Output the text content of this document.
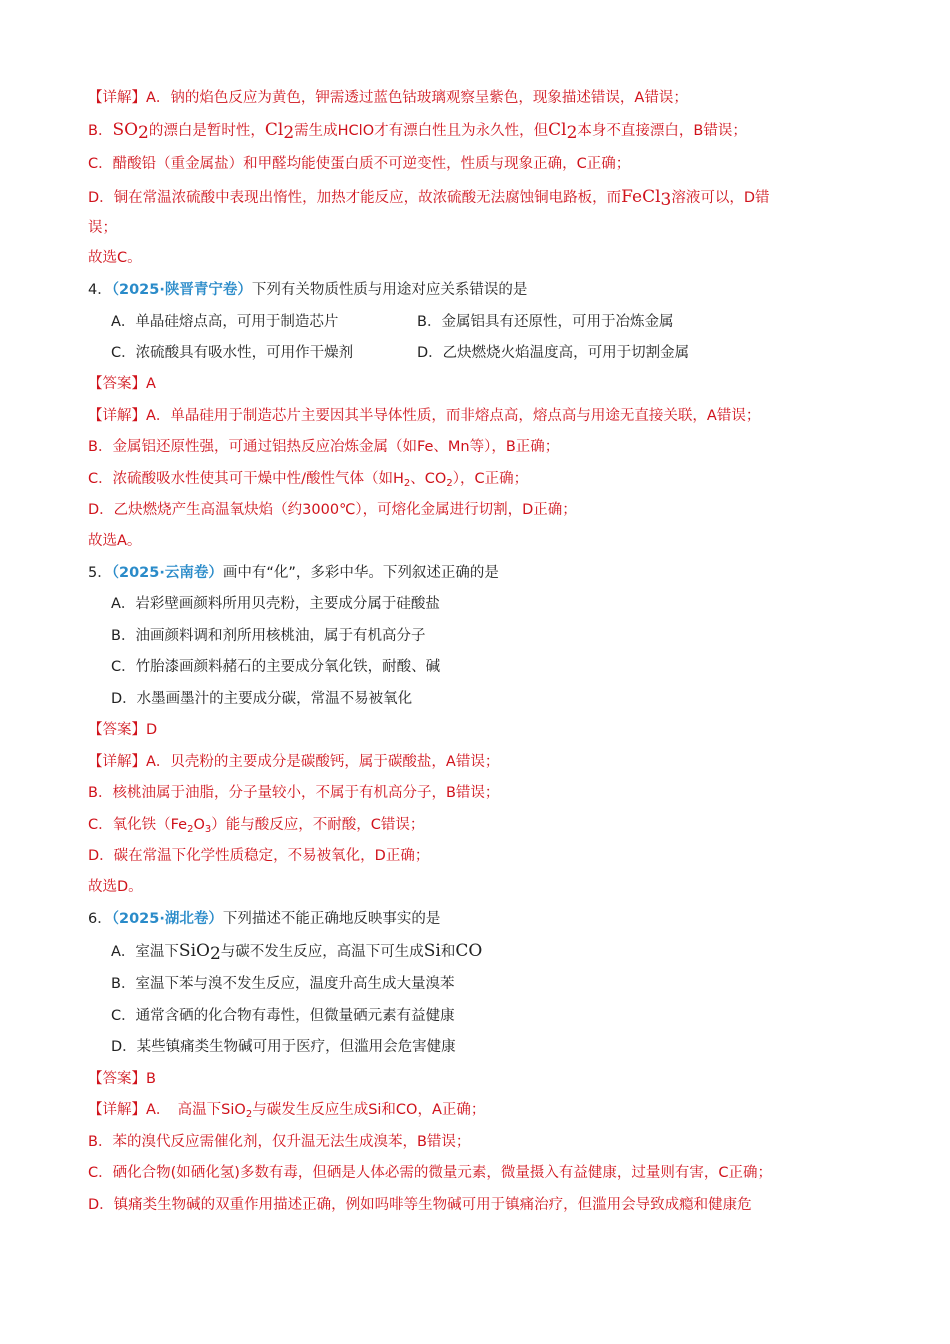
【详解】A．钠的焰色反应为黄色，钾需透过蓝色钴玻璃观察呈紫色，现象描述错误，A错误；
B．$SO_2$的漂白是暂时性，$Cl_2$需生成HClO才有漂白性且为永久性，但$Cl_2$本身不直接漂白，B错误；
C．醋酸铅（重金属盐）和甲醛均能使蛋白质不可逆变性，性质与现象正确，C正确；
D．铜在常温浓硫酸中表现出惰性，加热才能反应，故浓硫酸无法腐蚀铜电路板，而FeCl$_3$溶液可以，D错
误；
故选C。
4．（2025·陕晋青宁卷）下列有关物质性质与用途对应关系错误的是
A．单晶硅熔点高，可用于制造芯片	B．金属铝具有还原性，可用于冶炼金属
C．浓硫酸具有吸水性，可用作干燥剂	D．乙炔燃烧火焰温度高，可用于切割金属
【答案】A
【详解】A．单晶硅用于制造芯片主要因其半导体性质，而非熔点高，熔点高与用途无直接关联，A错误；
B．金属铝还原性强，可通过铝热反应冶炼金属（如Fe、Mn等），B正确；
C．浓硫酸吸水性使其可干燥中性/酸性气体（如$H_2$、$CO_2$），C正确；
D．乙炔燃烧产生高温氧炔焰（约3000℃），可熔化金属进行切割，D正确；
故选A。
5．（2025·云南卷）画中有“化”，多彩中华。下列叙述正确的是
A．岩彩壁画颜料所用贝壳粉，主要成分属于硅酸盐
B．油画颜料调和剂所用核桃油，属于有机高分子
C．竹胎漆画颜料赭石的主要成分氧化铁，耐酸、碱
D．水墨画墨汁的主要成分碳，常温不易被氧化
【答案】D
【详解】A．贝壳粉的主要成分是碳酸钙，属于碳酸盐，A错误；
B．核桃油属于油脂，分子量较小，不属于有机高分子，B错误；
C．氧化铁$(Fe_2O_3)$能与酸反应，不耐酸，C错误；
D．碳在常温下化学性质稳定，不易被氧化，D正确；
故选D。
6．（2025·湖北卷）下列描述不能正确地反映事实的是
A．室温下SiO$_2$与碳不发生反应，高温下可生成Si和CO
B．室温下苯与溴不发生反应，温度升高生成大量溴苯
C．通常含硒的化合物有毒性，但微量硒元素有益健康
D．某些镇痛类生物碱可用于医疗，但滥用会危害健康
【答案】B
【详解】A．　高温下SiO$_2$与碳发生反应生成Si和CO，A正确；
B．苯的溴代反应需催化剂，仅升温无法生成溴苯，B错误；
C．硒化合物(如硒化氢)多数有毒，但硒是人体必需的微量元素，微量摄入有益健康，过量则有害，C正确；
D．镇痛类生物碱的双重作用描述正确，例如吗啡等生物碱可用于镇痛治疗，但滥用会导致成瘾和健康危
